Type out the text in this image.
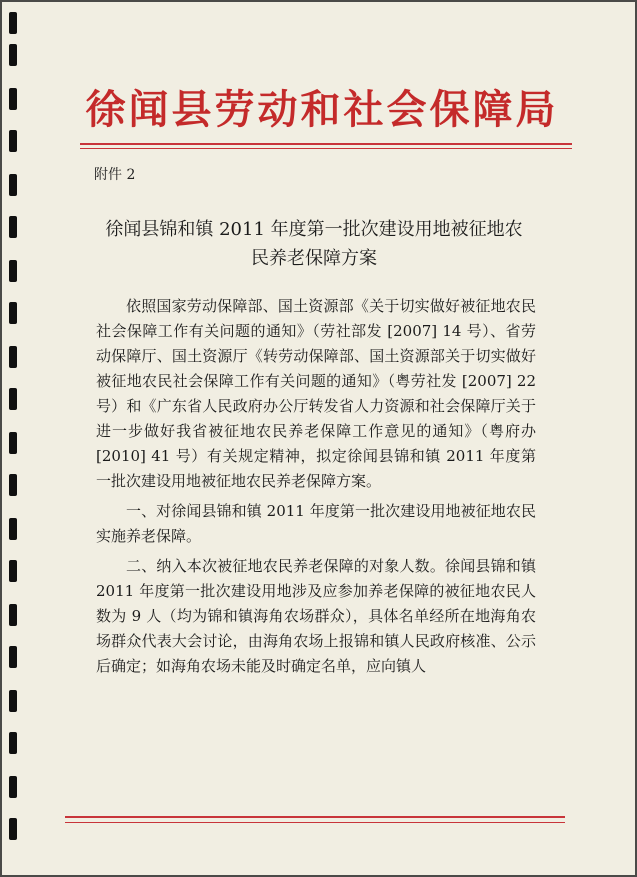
徐闻县劳动和社会保障局
附件 2
徐闻县锦和镇 2011 年度第一批次建设用地被征地农
民养老保障方案

依照国家劳动保障部、国土资源部《关于切实做好被征地农民社会保障工作有关问题的通知》（劳社部发 [2007] 14 号）、省劳动保障厅、国土资源厅《转劳动保障部、国土资源部关于切实做好被征地农民社会保障工作有关问题的通知》（粤劳社发 [2007] 22 号）和《广东省人民政府办公厅转发省人力资源和社会保障厅关于进一步做好我省被征地农民养老保障工作意见的通知》（粤府办 [2010] 41 号）有关规定精神，拟定徐闻县锦和镇 2011 年度第一批次建设用地被征地农民养老保障方案。

一、对徐闻县锦和镇 2011 年度第一批次建设用地被征地农民实施养老保障。

二、纳入本次被征地农民养老保障的对象人数。徐闻县锦和镇 2011 年度第一批次建设用地涉及应参加养老保障的被征地农民人数为 9 人（均为锦和镇海角农场群众），具体名单经所在地海角农场群众代表大会讨论，由海角农场上报锦和镇人民政府核准、公示后确定；如海角农场未能及时确定名单，应向镇人
